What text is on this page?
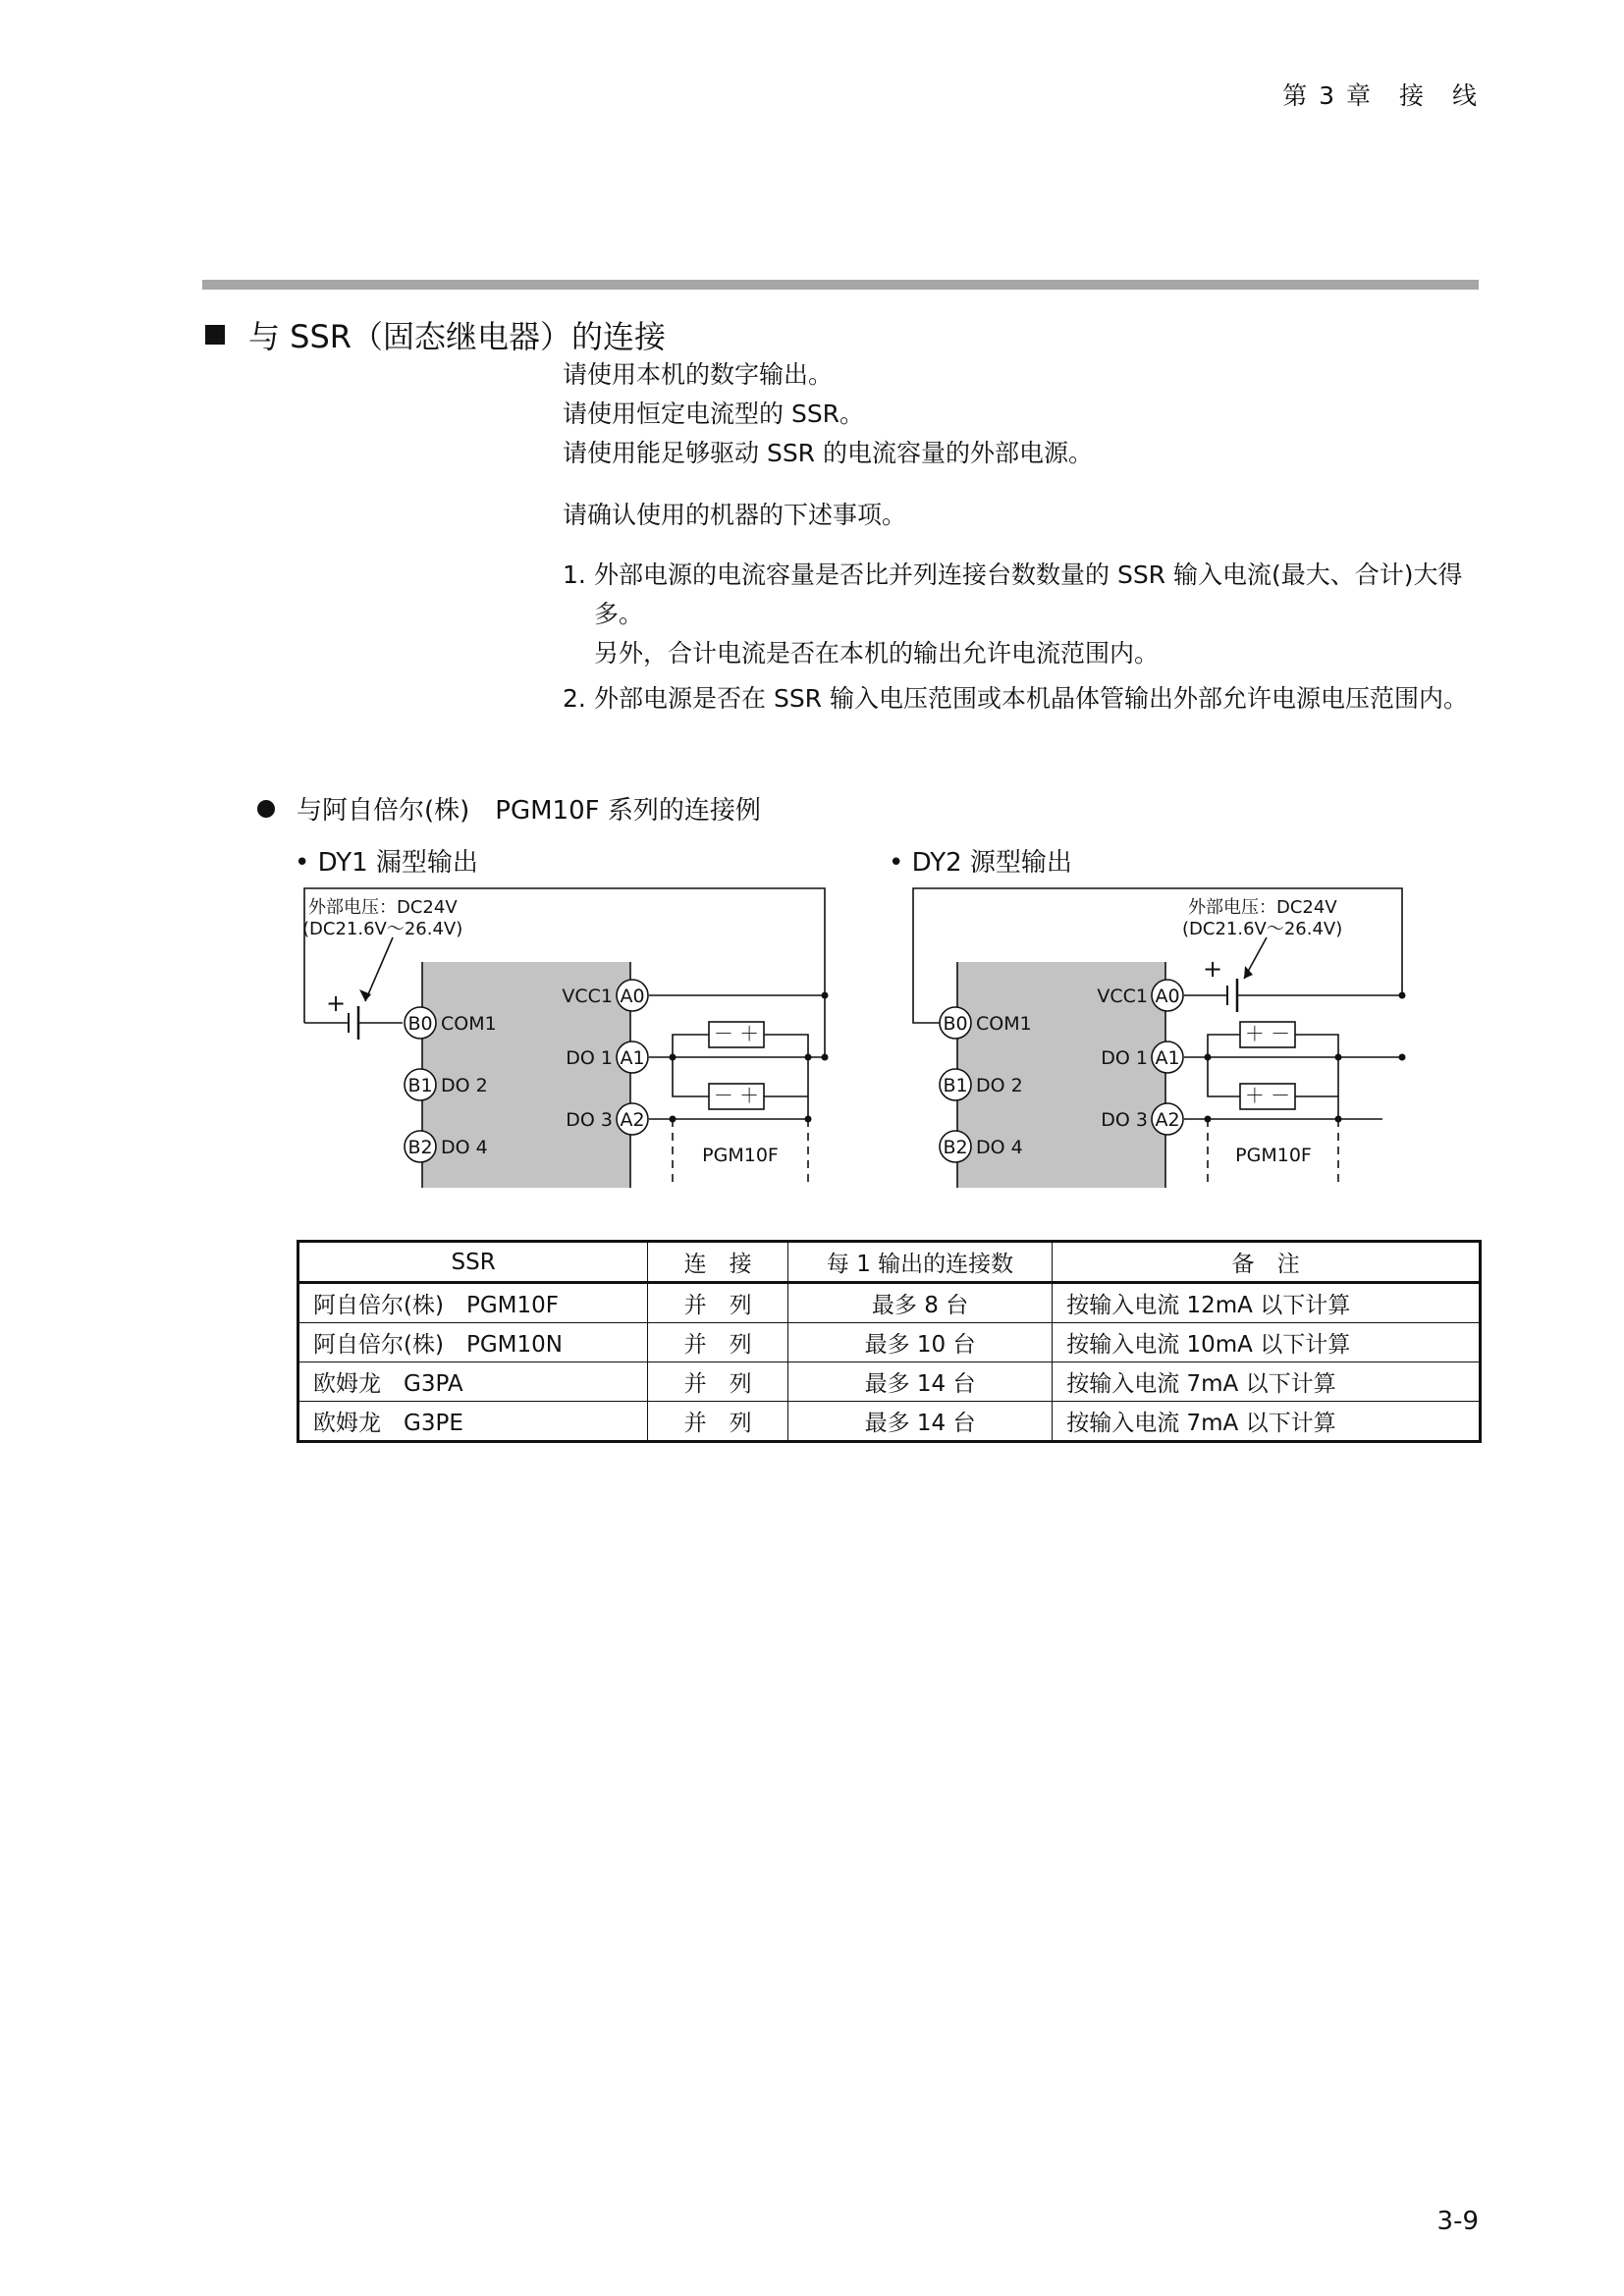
第 3 章　接　线
与 SSR（固态继电器）的连接
请使用本机的数字输出。
请使用恒定电流型的 SSR。
请使用能足够驱动 SSR 的电流容量的外部电源。
请确认使用的机器的下述事项。
1. 外部电源的电流容量是否比并列连接台数数量的 SSR 输入电流(最大、合计)大得多。
另外，合计电流是否在本机的输出允许电流范围内。
2. 外部电源是否在 SSR 输入电压范围或本机晶体管输出外部允许电源电压范围内。
与阿自倍尔(株)　PGM10F 系列的连接例
• DY1 漏型输出	• DY2 源型输出
外部电压：DC24V
(DC21.6V～26.4V)
+
－ ＋
－ ＋
PGM10F
A0
A1
A2
B0
B1
B2
VCC1
DO 1
DO 3
COM1
DO 2
DO 4
外部电压：DC24V
(DC21.6V～26.4V)
+
＋ －
＋ －
PGM10F
A0
A1
A2
B0
B1
B2
VCC1
DO 1
DO 3
COM1
DO 2
DO 4
SSR	连　接	每 1 输出的连接数	备　注
阿自倍尔(株)　PGM10F	并　列	最多 8 台	按输入电流 12mA 以下计算
阿自倍尔(株)　PGM10N	并　列	最多 10 台	按输入电流 10mA 以下计算
欧姆龙　G3PA	并　列	最多 14 台	按输入电流 7mA 以下计算
欧姆龙　G3PE	并　列	最多 14 台	按输入电流 7mA 以下计算
3-9
